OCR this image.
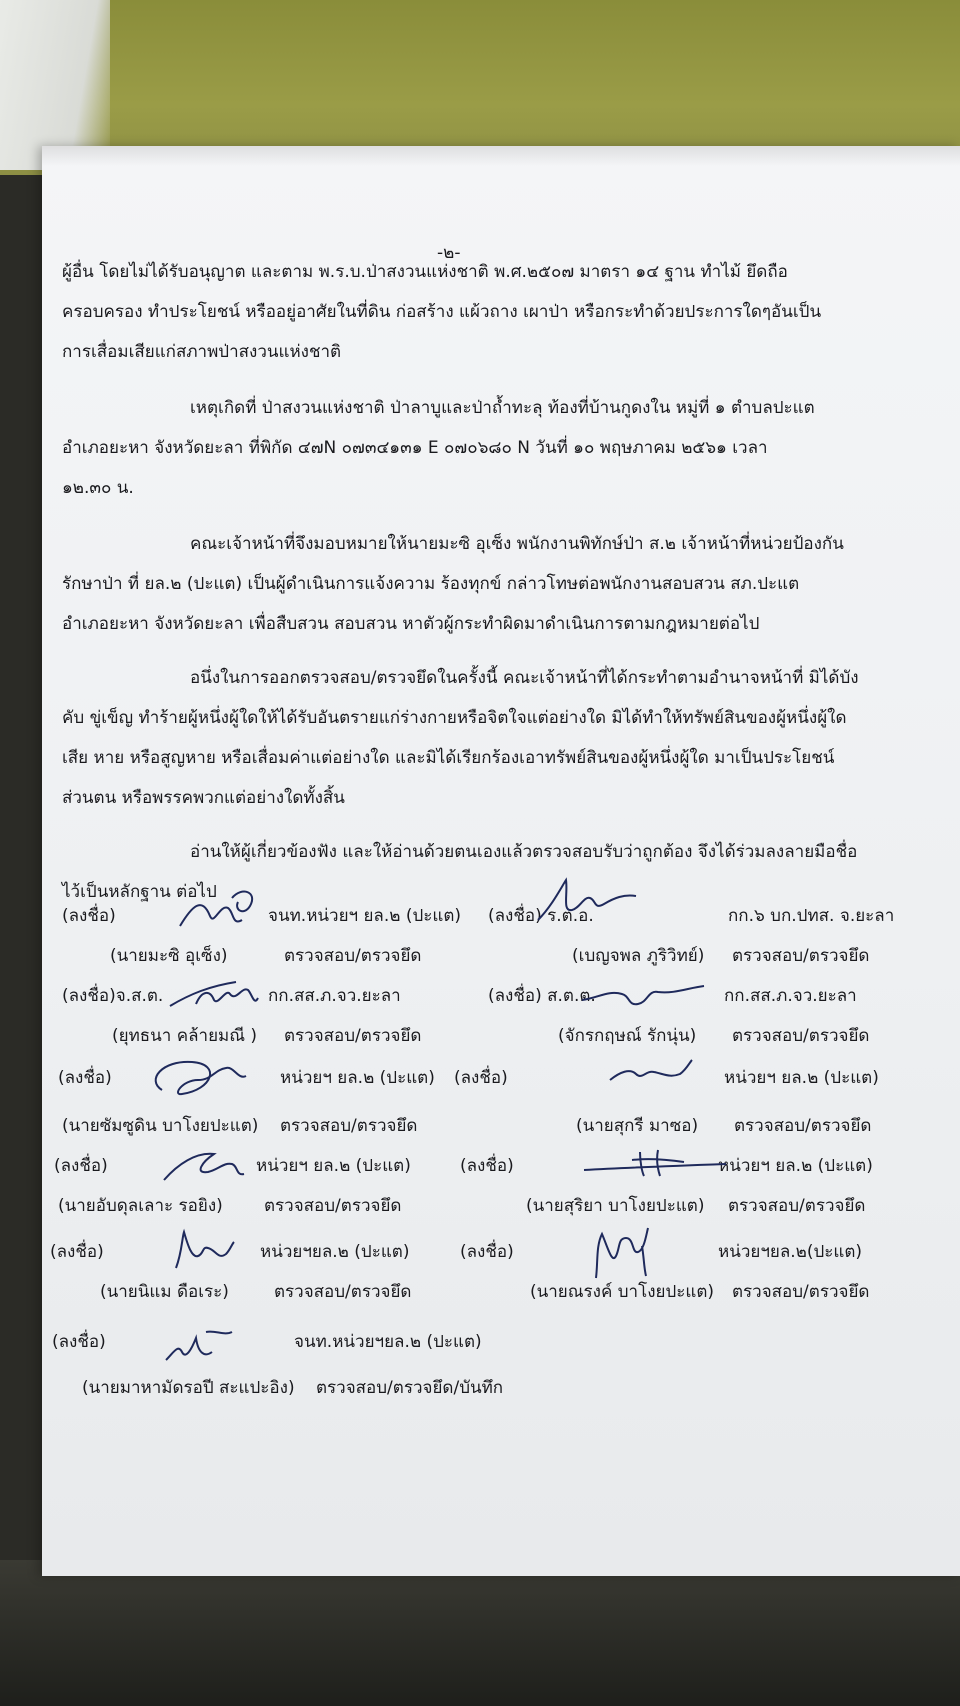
-๒-
ผู้อื่น โดยไม่ได้รับอนุญาต และตาม พ.ร.บ.ป่าสงวนแห่งชาติ พ.ศ.๒๕๐๗ มาตรา ๑๔ ฐาน ทำไม้ ยึดถือ
ครอบครอง ทำประโยชน์ หรืออยู่อาศัยในที่ดิน ก่อสร้าง แผ้วถาง เผาป่า หรือกระทำด้วยประการใดๆอันเป็น
การเสื่อมเสียแก่สภาพป่าสงวนแห่งชาติ
เหตุเกิดที่ ป่าสงวนแห่งชาติ ป่าลาบูและป่าถ้ำทะลุ ท้องที่บ้านกูดงใน หมู่ที่ ๑ ตำบลปะแต
อำเภอยะหา จังหวัดยะลา ที่พิกัด ๔๗N ๐๗๓๔๑๓๑ E ๐๗๐๖๘๐ N วันที่ ๑๐ พฤษภาคม ๒๕๖๑ เวลา
๑๒.๓๐ น.
คณะเจ้าหน้าที่จึงมอบหมายให้นายมะซิ อุเซ็ง พนักงานพิทักษ์ป่า ส.๒ เจ้าหน้าที่หน่วยป้องกัน
รักษาป่า ที่ ยล.๒ (ปะแต) เป็นผู้ดำเนินการแจ้งความ ร้องทุกข์ กล่าวโทษต่อพนักงานสอบสวน สภ.ปะแต
อำเภอยะหา จังหวัดยะลา เพื่อสืบสวน สอบสวน หาตัวผู้กระทำผิดมาดำเนินการตามกฎหมายต่อไป
อนึ่งในการออกตรวจสอบ/ตรวจยึดในครั้งนี้ คณะเจ้าหน้าที่ได้กระทำตามอำนาจหน้าที่ มิได้บัง
คับ ขู่เข็ญ ทำร้ายผู้หนึ่งผู้ใดให้ได้รับอันตรายแก่ร่างกายหรือจิตใจแต่อย่างใด มิได้ทำให้ทรัพย์สินของผู้หนึ่งผู้ใด
เสีย หาย หรือสูญหาย หรือเสื่อมค่าแต่อย่างใด และมิได้เรียกร้องเอาทรัพย์สินของผู้หนึ่งผู้ใด มาเป็นประโยชน์
ส่วนตน หรือพรรคพวกแต่อย่างใดทั้งสิ้น
อ่านให้ผู้เกี่ยวข้องฟัง และให้อ่านด้วยตนเองแล้วตรวจสอบรับว่าถูกต้อง จึงได้ร่วมลงลายมือชื่อ
ไว้เป็นหลักฐาน ต่อไป
(ลงชื่อ)	จนท.หน่วยฯ ยล.๒ (ปะแต) (ลงชื่อ) ร.ต.อ.	กก.๖ บก.ปทส. จ.ยะลา
(นายมะซิ อุเซ็ง)	ตรวจสอบ/ตรวจยึด	(เบญจพล ภูริวิทย์) ตรวจสอบ/ตรวจยึด
(ลงชื่อ)จ.ส.ต.	กก.สส.ภ.จว.ยะลา	(ลงชื่อ) ส.ต.ต.	กก.สส.ภ.จว.ยะลา
(ยุทธนา คล้ายมณี ) ตรวจสอบ/ตรวจยึด	(จักรกฤษณ์ รักนุ่น) ตรวจสอบ/ตรวจยึด
(ลงชื่อ)	หน่วยฯ ยล.๒ (ปะแต) (ลงชื่อ)	หน่วยฯ ยล.๒ (ปะแต)
(นายซัมซูดิน บาโงยปะแต) ตรวจสอบ/ตรวจยึด	(นายสุกรี มาซอ) ตรวจสอบ/ตรวจยึด
(ลงชื่อ)	หน่วยฯ ยล.๒ (ปะแต)	(ลงชื่อ)	หน่วยฯ ยล.๒ (ปะแต)
(นายอับดุลเลาะ รอยิง) ตรวจสอบ/ตรวจยึด	(นายสุริยา บาโงยปะแต) ตรวจสอบ/ตรวจยึด
(ลงชื่อ)	หน่วยฯยล.๒ (ปะแต)	(ลงชื่อ)	หน่วยฯยล.๒(ปะแต)
(นายนิแม ดือเระ)	ตรวจสอบ/ตรวจยึด	(นายณรงค์ บาโงยปะแต) ตรวจสอบ/ตรวจยึด
(ลงชื่อ)	จนท.หน่วยฯยล.๒ (ปะแต)
(นายมาหามัดรอปี สะแปะอิง) ตรวจสอบ/ตรวจยึด/บันทึก
